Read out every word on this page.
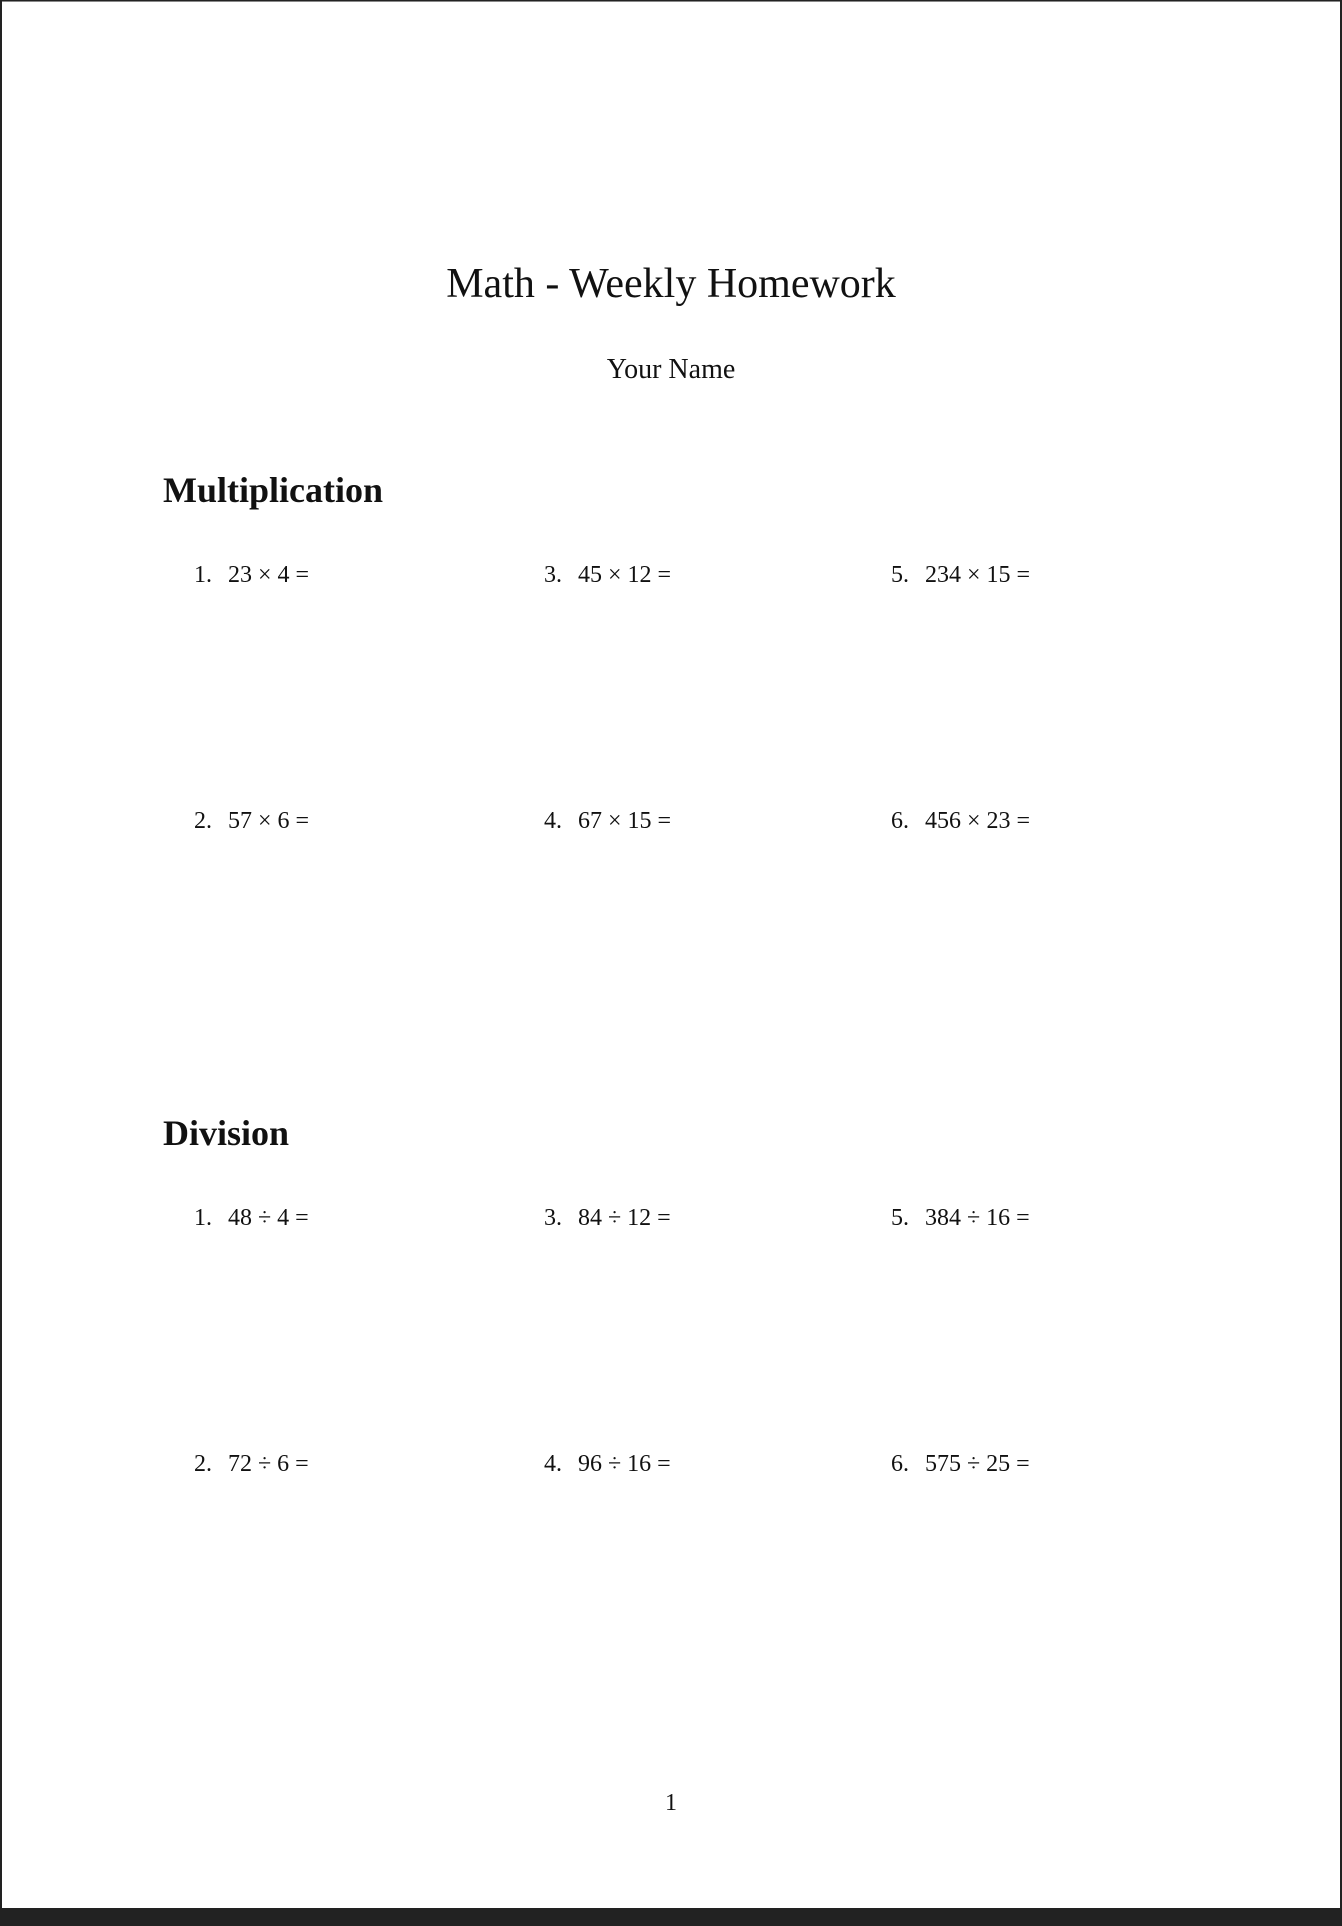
Math - Weekly Homework
Your Name
Multiplication
1. 23 × 4 =
2. 57 × 6 =
3. 45 × 12 =
4. 67 × 15 =
5. 234 × 15 =
6. 456 × 23 =
Division
1. 48 ÷ 4 =
2. 72 ÷ 6 =
3. 84 ÷ 12 =
4. 96 ÷ 16 =
5. 384 ÷ 16 =
6. 575 ÷ 25 =
1
